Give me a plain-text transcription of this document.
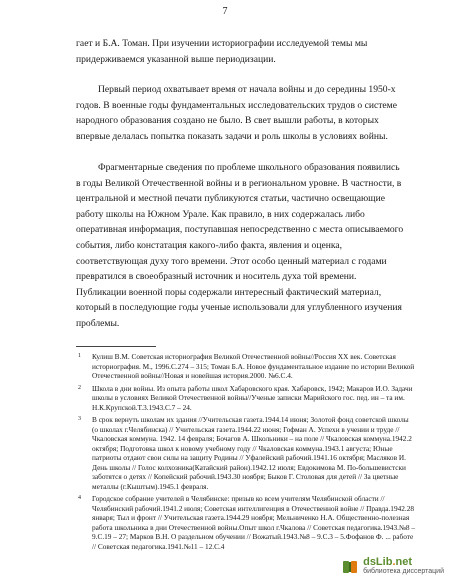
7
гает и Б.А. Томан. При изучении историографии исследуемой темы мы придерживаемся указанной выше периодизации.
Первый период охватывает время от начала войны и до середины 1950-х годов. В военные годы фундаментальных исследовательских трудов о системе народного образования создано не было. В свет вышли работы, в которых впервые делалась попытка показать задачи и роль школы в условиях войны.
Фрагментарные сведения по проблеме школьного образования появились в годы Великой Отечественной войны и в региональном уровне. В частности, в центральной и местной печати публикуются статьи, частично освещающие работу школы на Южном Урале. Как правило, в них содержалась либо оперативная информация, поступавшая непосредственно с места описываемого события, либо констатация какого-либо факта, явления и оценка, соответствующая духу того времени. Этот особо ценный материал с годами превратился в своеобразный источник и носитель духа той времени. Публикации военной поры содержали интересный фактический материал, который в последующие годы ученые использовали для углубленного изучения проблемы.
1 Кулиш В.М. Советская историография Великой Отечественной войны//Россия XX век. Советская историография. М., 1996.С.274 – 315; Томан Б.А. Новое фундаментальное издание по истории Великой Отечественной войны//Новая и новейшая история.2000. №6.С.4.
2 Школа в дни войны. Из опыта работы школ Хабаровского края. Хабаровск, 1942; Макаров И.О. Задачи школы в условиях Великой Отечественной войны//Ученые записки Марийского гос. пед. ин – та им. Н.К.Крупской.Т.3.1943.С.7 – 24.
3 В срок вернуть школам их здания //Учительская газета.1944.14 июня; Золотой фонд советской школы (о школах г.Челябинска) // Учительская газета.1944.22 июня; Гофман А. Успехи в учении и труде // Чкаловская коммуна. 1942. 14 февраля; Бочагов А. Школьники – на поле // Чкаловская коммуна.1942.2 октября; Подготовка школ к новому учебному году // Чкаловская коммуна.1943.1 августа; Юные патриоты отдают свои силы на защиту Родины // Уфалейский рабочий.1941.16 октября; Масляков И. День школы // Голос колхозника(Катайский район).1942.12 июля; Евдокимова М. По-большевистски заботятся о детях // Копейский рабочий.1943.30 ноября; Быков Г. Столовая для детей // За цветные металлы (г.Кыштым).1945.1 февраля.
4 Городское собрание учителей в Челябинске: призыв ко всем учителям Челябинской области // Челябинский рабочий.1941.2 июля; Советская интеллигенция в Отечественной войне // Правда.1942.28 января; Тыл и фронт // Учительская газета.1944.29 ноября; Мельниченко Н.А. Общественно-полезная работа школьника в дни Отечественной войны.Опыт школ г.Чкалова // Советская педагогика.1943.№8 – 9.С.19 – 27; Марков В.Н. О раздельном обучении // Вожатый.1943.№8 – 9.С.3 – 5.Фофанов Ф. ... работе // Советская педагогика.1941.№11 – 12.С.4
dsLib.net
библиотека диссертаций
